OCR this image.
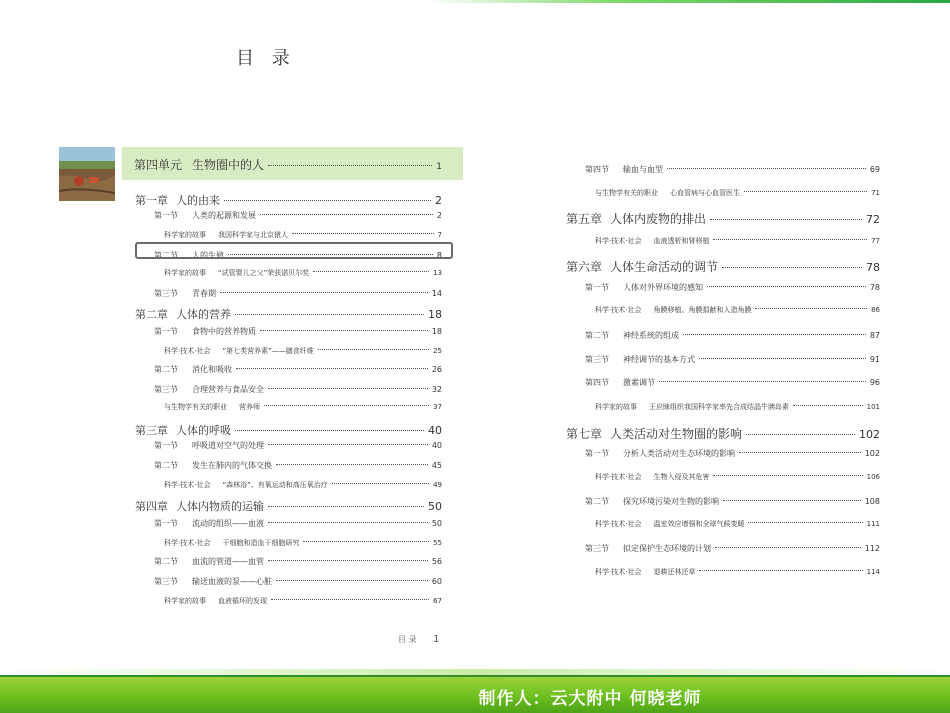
目 录
第四单元 生物圈中的人	1
第一章 人的由来	2
第一节 人类的起源和发展	2
科学家的故事 我国科学家与北京猿人	7
第二节 人的生殖	8
科学家的故事 “试管婴儿之父”荣获诺贝尔奖	13
第三节 青春期	14
第二章 人体的营养	18
第一节 食物中的营养物质	18
科学·技术·社会 “第七类营养素”——膳食纤维	25
第二节 消化和吸收	26
第三节 合理营养与食品安全	32
与生物学有关的职业 营养师	37
第三章 人体的呼吸	40
第一节 呼吸道对空气的处理	40
第二节 发生在肺内的气体交换	45
科学·技术·社会 “森林浴”、有氧运动和高压氧治疗	49
第四章 人体内物质的运输	50
第一节 流动的组织——血液	50
科学·技术·社会 干细胞和造血干细胞研究	55
第二节 血流的管道——血管	56
第三节 输送血液的泵——心脏	60
科学家的故事 血液循环的发现	67
第四节 输血与血型	69
与生物学有关的职业 心血管病与心血管医生	71
第五章 人体内废物的排出	72
科学·技术·社会 血液透析和肾移植	77
第六章 人体生命活动的调节	78
第一节 人体对外界环境的感知	78
科学·技术·社会 角膜移植、角膜捐献和人造角膜	86
第二节 神经系统的组成	87
第三节 神经调节的基本方式	91
第四节 激素调节	96
科学家的故事 王应睐组织我国科学家率先合成结晶牛胰岛素	101
第七章 人类活动对生物圈的影响	102
第一节 分析人类活动对生态环境的影响	102
科学·技术·社会 生物入侵及其危害	106
第二节 探究环境污染对生物的影响	108
科学·技术·社会 温室效应增强和全球气候变暖	111
第三节 拟定保护生态环境的计划	112
科学·技术·社会 退耕还林还草	114
目 录 1
制作人：云大附中 何晓老师
